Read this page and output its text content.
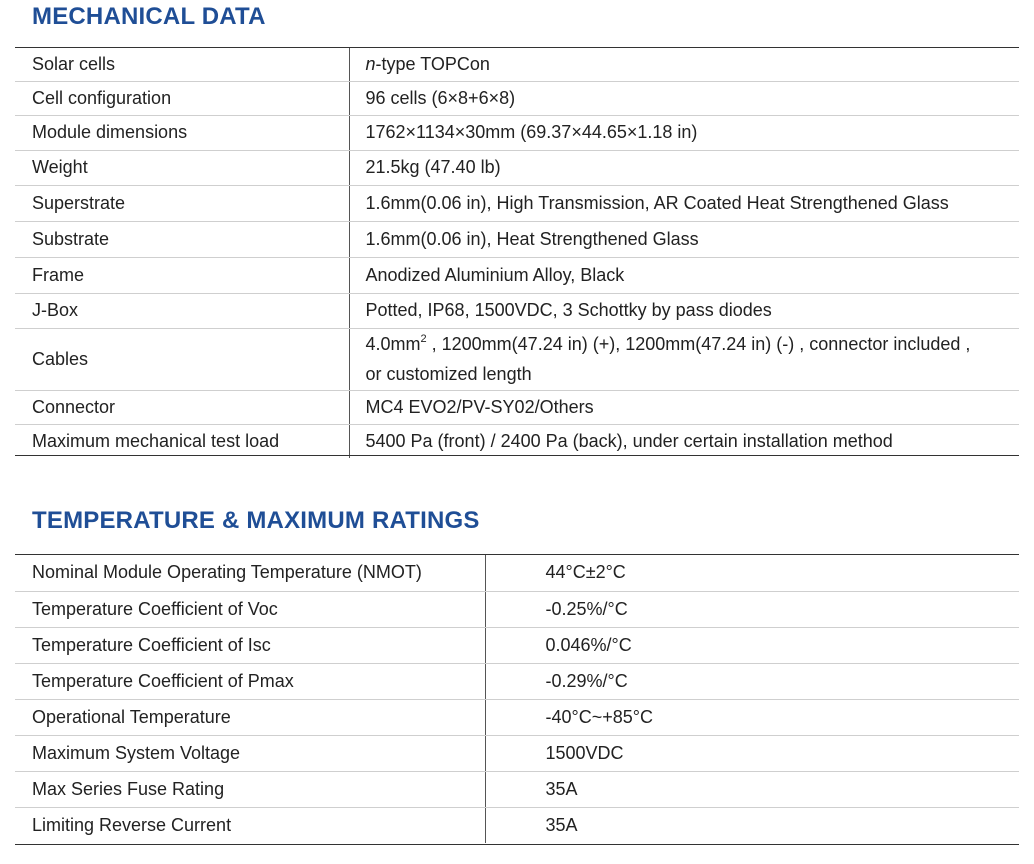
MECHANICAL DATA
Solar cells	n-type TOPCon
Cell configuration	96 cells (6×8+6×8)
Module dimensions	1762×1134×30mm (69.37×44.65×1.18 in)
Weight	21.5kg (47.40 lb)
Superstrate	1.6mm(0.06 in), High Transmission, AR Coated Heat Strengthened Glass
Substrate	1.6mm(0.06 in), Heat Strengthened Glass
Frame	Anodized Aluminium Alloy, Black
J-Box	Potted, IP68, 1500VDC, 3 Schottky by pass diodes
Cables	$4.0mm^2$ , 1200mm(47.24 in) (+), 1200mm(47.24 in) (-) , connector included ,
or customized length
Connector	MC4 EVO2/PV-SY02/Others
Maximum mechanical test load	5400 Pa (front) / 2400 Pa (back), under certain installation method
TEMPERATURE & MAXIMUM RATINGS
Nominal Module Operating Temperature (NMOT)	44°C±2°C
Temperature Coefficient of Voc	-0.25%/°C
Temperature Coefficient of Isc	0.046%/°C
Temperature Coefficient of Pmax	-0.29%/°C
Operational Temperature	-40°C~+85°C
Maximum System Voltage	1500VDC
Max Series Fuse Rating	35A
Limiting Reverse Current	35A
